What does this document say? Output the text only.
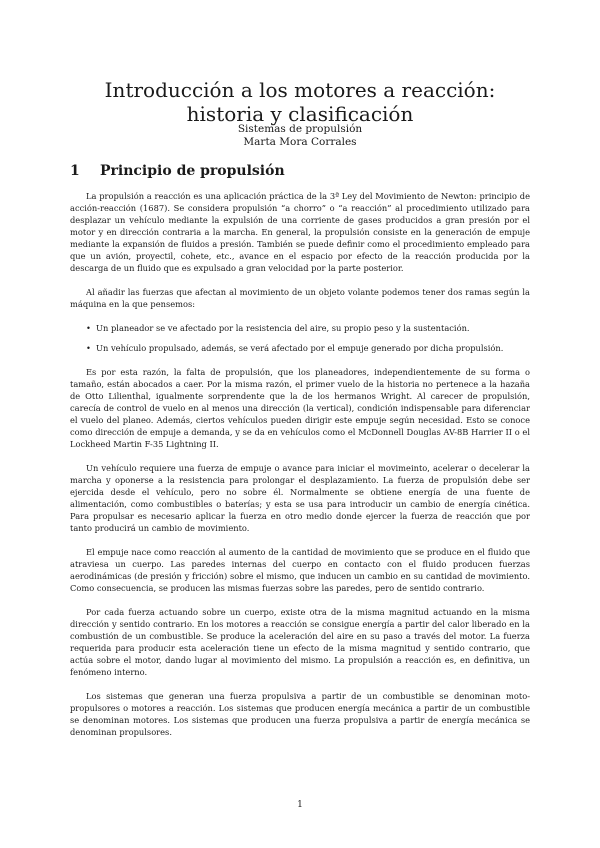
Introducción a los motores a reacción:
historia y clasificación
Sistemas de propulsión
Marta Mora Corrales
1 Principio de propulsión

La propulsión a reacción es una aplicación práctica de la 3ª Ley del Movimiento de Newton: principio de acción-reacción (1687). Se considera propulsión “a chorro” o “a reacción” al procedimiento utilizado para desplazar un vehículo mediante la expulsión de una corriente de gases producidos a gran presión por el motor y en dirección contraria a la marcha. En general, la propulsión consiste en la generación de empuje mediante la expansión de fluidos a presión. También se puede definir como el procedimiento empleado para que un avión, proyectil, cohete, etc., avance en el espacio por efecto de la reacción producida por la descarga de un fluido que es expulsado a gran velocidad por la parte posterior.

Al añadir las fuerzas que afectan al movimiento de un objeto volante podemos tener dos ramas según la máquina en la que pensemos:

• Un planeador se ve afectado por la resistencia del aire, su propio peso y la sustentación.
• Un vehículo propulsado, además, se verá afectado por el empuje generado por dicha propulsión.

Es por esta razón, la falta de propulsión, que los planeadores, independientemente de su forma o tamaño, están abocados a caer. Por la misma razón, el primer vuelo de la historia no pertenece a la hazaña de Otto Lilienthal, igualmente sorprendente que la de los hermanos Wright. Al carecer de propulsión, carecía de control de vuelo en al menos una dirección (la vertical), condición indispensable para diferenciar el vuelo del planeo. Además, ciertos vehículos pueden dirigir este empuje según necesidad. Esto se conoce como dirección de empuje a demanda, y se da en vehículos como el McDonnell Douglas AV-8B Harrier II o el Lockheed Martin F-35 Lightning II.

Un vehículo requiere una fuerza de empuje o avance para iniciar el movimeinto, acelerar o decelerar la marcha y oponerse a la resistencia para prolongar el desplazamiento. La fuerza de propulsión debe ser ejercida desde el vehículo, pero no sobre él. Normalmente se obtiene energía de una fuente de alimentación, como combustibles o baterías; y esta se usa para introducir un cambio de energía cinética. Para propulsar es necesario aplicar la fuerza en otro medio donde ejercer la fuerza de reacción que por tanto producirá un cambio de movimiento.

El empuje nace como reacción al aumento de la cantidad de movimiento que se produce en el fluido que atraviesa un cuerpo. Las paredes internas del cuerpo en contacto con el fluido producen fuerzas aerodinámicas (de presión y fricción) sobre el mismo, que inducen un cambio en su cantidad de movimiento. Como consecuencia, se producen las mismas fuerzas sobre las paredes, pero de sentido contrario.

Por cada fuerza actuando sobre un cuerpo, existe otra de la misma magnitud actuando en la misma dirección y sentido contrario. En los motores a reacción se consigue energía a partir del calor liberado en la combustión de un combustible. Se produce la aceleración del aire en su paso a través del motor. La fuerza requerida para producir esta aceleración tiene un efecto de la misma magnitud y sentido contrario, que actúa sobre el motor, dando lugar al movimiento del mismo. La propulsión a reacción es, en definitiva, un fenómeno interno.

Los sistemas que generan una fuerza propulsiva a partir de un combustible se denominan moto-propulsores o motores a reacción. Los sistemas que producen energía mecánica a partir de un combustible se denominan motores. Los sistemas que producen una fuerza propulsiva a partir de energía mecánica se denominan propulsores.

1
